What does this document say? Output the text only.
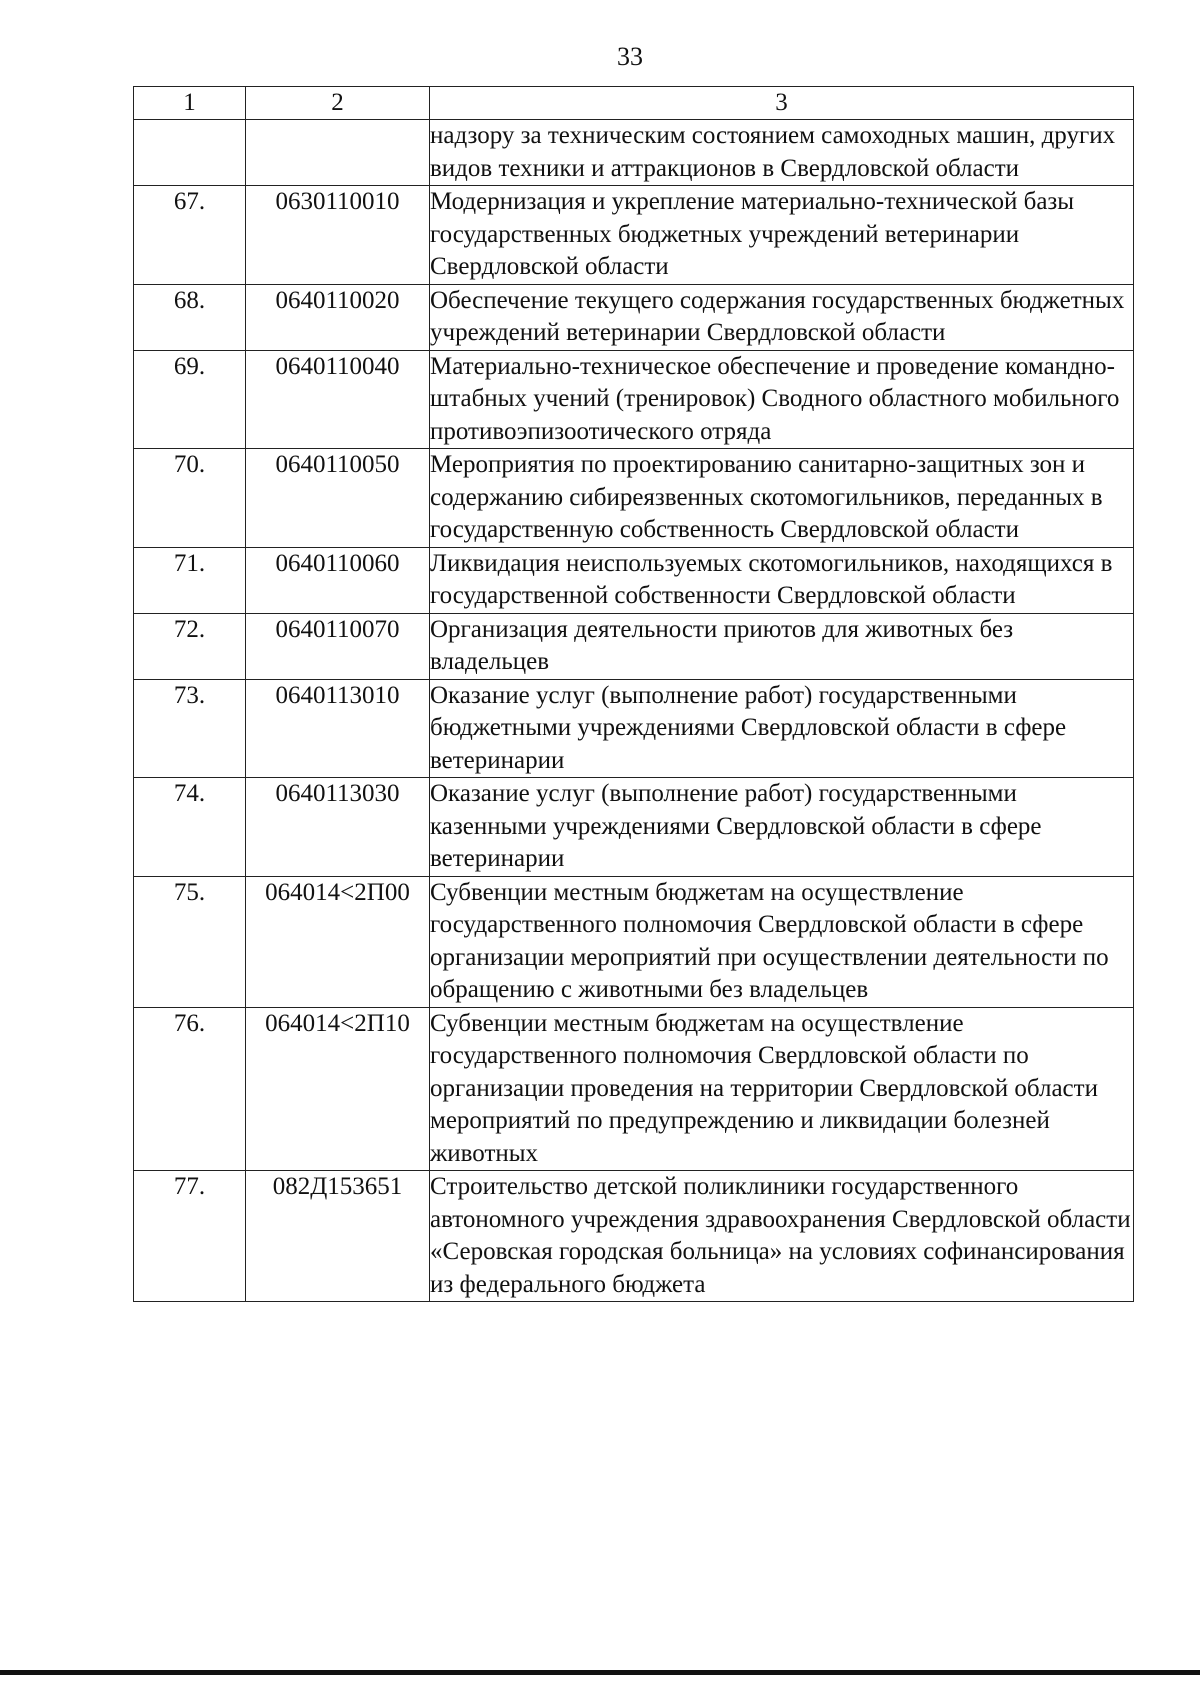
33
1	2	3
		надзору за техническим состоянием самоходных машин, других видов техники и аттракционов в Свердловской области
67.	0630110010	Модернизация и укрепление материально-технической базы государственных бюджетных учреждений ветеринарии Свердловской области
68.	0640110020	Обеспечение текущего содержания государственных бюджетных учреждений ветеринарии Свердловской области
69.	0640110040	Материально-техническое обеспечение и проведение командно-штабных учений (тренировок) Сводного областного мобильного противоэпизоотического отряда
70.	0640110050	Мероприятия по проектированию санитарно-защитных зон и содержанию сибиреязвенных скотомогильников, переданных в государственную собственность Свердловской области
71.	0640110060	Ликвидация неиспользуемых скотомогильников, находящихся в государственной собственности Свердловской области
72.	0640110070	Организация деятельности приютов для животных без владельцев
73.	0640113010	Оказание услуг (выполнение работ) государственными бюджетными учреждениями Свердловской области в сфере ветеринарии
74.	0640113030	Оказание услуг (выполнение работ) государственными казенными учреждениями Свердловской области в сфере ветеринарии
75.	064014<2П00	Субвенции местным бюджетам на осуществление государственного полномочия Свердловской области в сфере организации мероприятий при осуществлении деятельности по обращению с животными без владельцев
76.	064014<2П10	Субвенции местным бюджетам на осуществление государственного полномочия Свердловской области по организации проведения на территории Свердловской области мероприятий по предупреждению и ликвидации болезней животных
77.	082Д153651	Строительство детской поликлиники государственного автономного учреждения здравоохранения Свердловской области «Серовская городская больница» на условиях софинансирования из федерального бюджета
